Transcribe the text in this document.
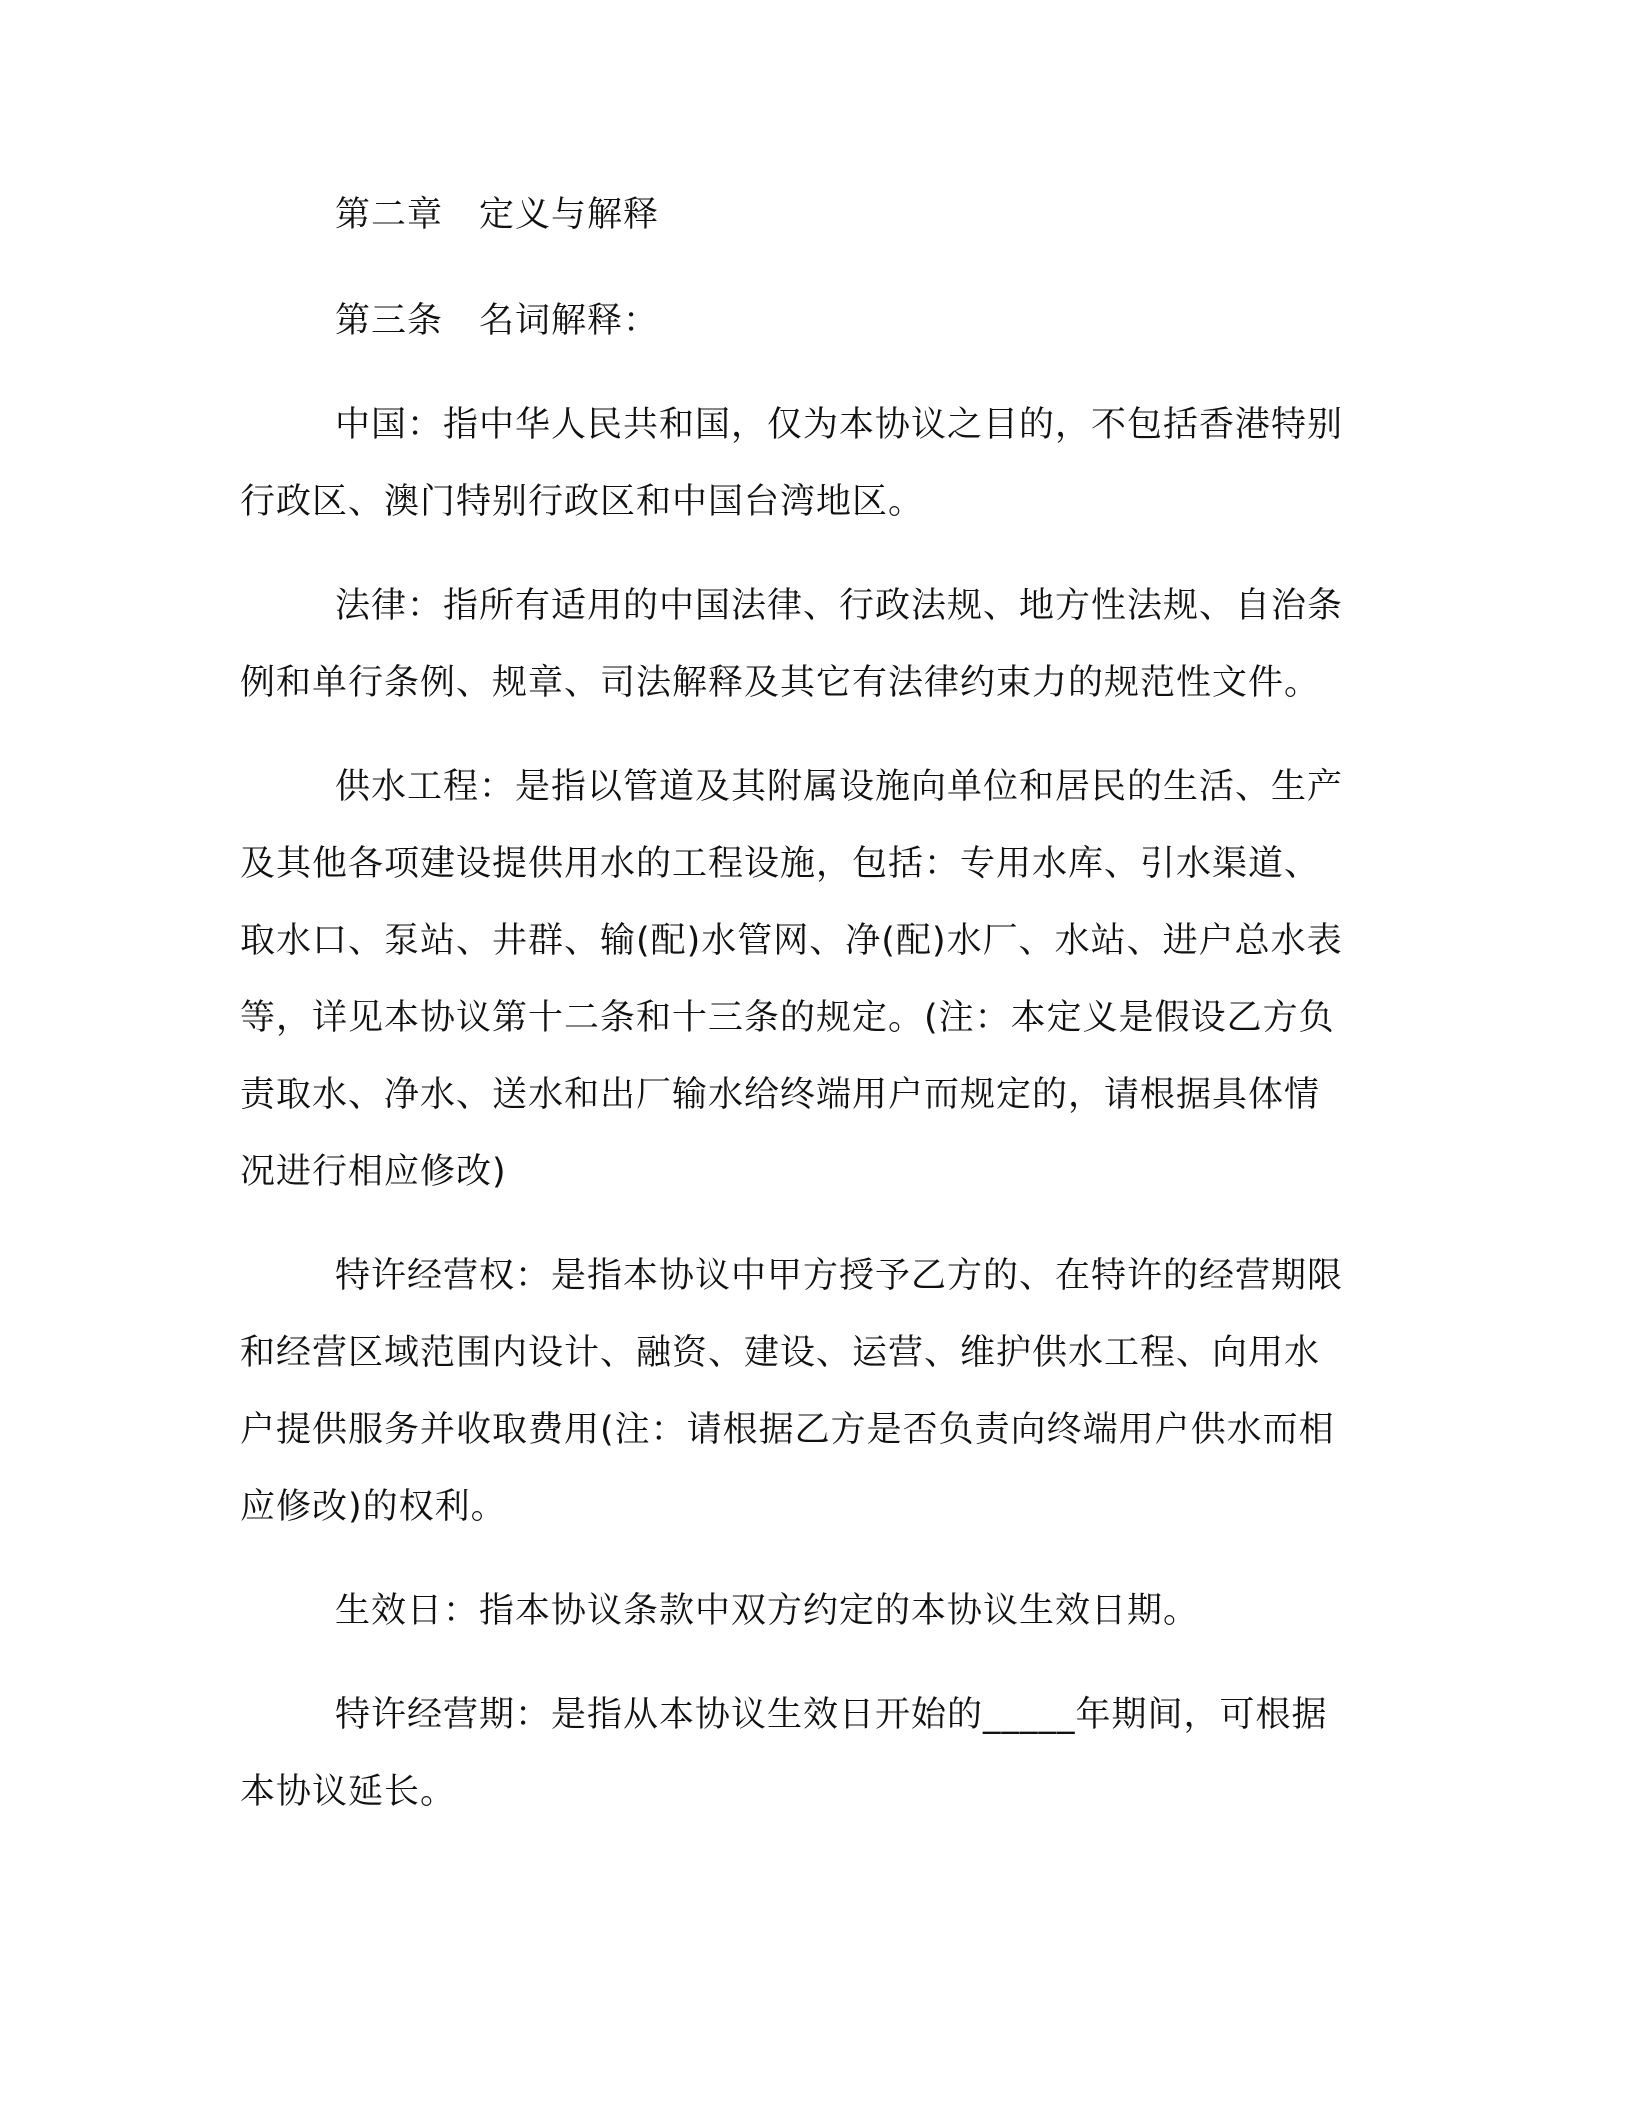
第二章　定义与解释
第三条　名词解释：
中国：指中华人民共和国，仅为本协议之目的，不包括香港特别
行政区、澳门特别行政区和中国台湾地区。
法律：指所有适用的中国法律、行政法规、地方性法规、自治条
例和单行条例、规章、司法解释及其它有法律约束力的规范性文件。
供水工程：是指以管道及其附属设施向单位和居民的生活、生产
及其他各项建设提供用水的工程设施，包括：专用水库、引水渠道、
取水口、泵站、井群、输(配)水管网、净(配)水厂、水站、进户总水表
等，详见本协议第十二条和十三条的规定。(注：本定义是假设乙方负
责取水、净水、送水和出厂输水给终端用户而规定的，请根据具体情
况进行相应修改)
特许经营权：是指本协议中甲方授予乙方的、在特许的经营期限
和经营区域范围内设计、融资、建设、运营、维护供水工程、向用水
户提供服务并收取费用(注：请根据乙方是否负责向终端用户供水而相
应修改)的权利。
生效日：指本协议条款中双方约定的本协议生效日期。
特许经营期：是指从本协议生效日开始的_____年期间，可根据
本协议延长。
